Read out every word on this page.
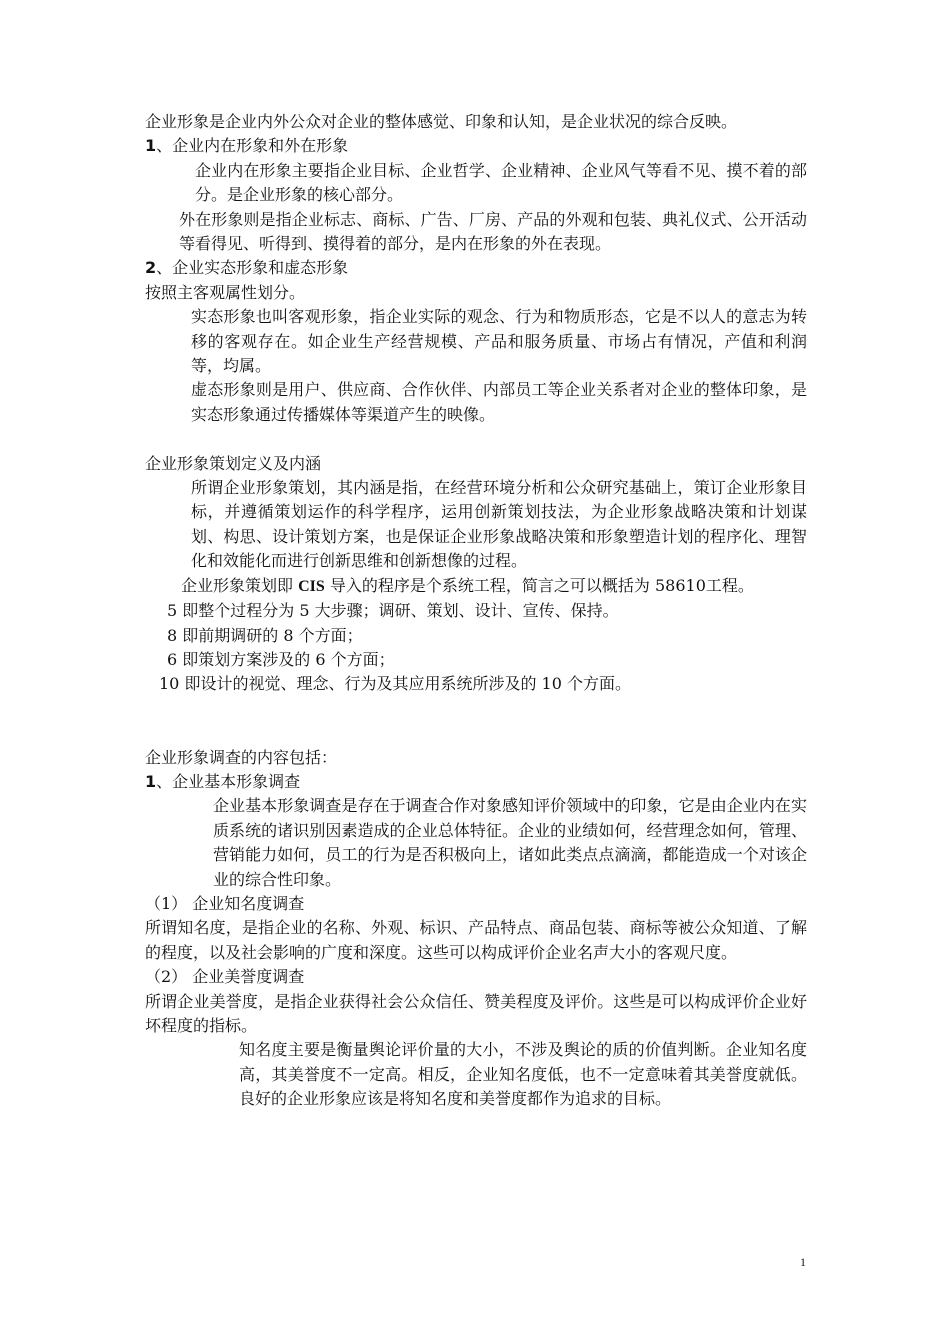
企业形象是企业内外公众对企业的整体感觉、印象和认知，是企业状况的综合反映。

1、企业内在形象和外在形象

企业内在形象主要指企业目标、企业哲学、企业精神、企业风气等看不见、摸不着的部分。是企业形象的核心部分。

外在形象则是指企业标志、商标、广告、厂房、产品的外观和包装、典礼仪式、公开活动等看得见、听得到、摸得着的部分，是内在形象的外在表现。

2、企业实态形象和虚态形象

按照主客观属性划分。

实态形象也叫客观形象，指企业实际的观念、行为和物质形态，它是不以人的意志为转移的客观存在。如企业生产经营规模、产品和服务质量、市场占有情况，产值和利润等，均属。

虚态形象则是用户、供应商、合作伙伴、内部员工等企业关系者对企业的整体印象，是实态形象通过传播媒体等渠道产生的映像。

企业形象策划定义及内涵

所谓企业形象策划，其内涵是指，在经营环境分析和公众研究基础上，策订企业形象目标，并遵循策划运作的科学程序，运用创新策划技法，为企业形象战略决策和计划谋划、构思、设计策划方案，也是保证企业形象战略决策和形象塑造计划的程序化、理智化和效能化而进行创新思维和创新想像的过程。

企业形象策划即 CIS 导入的程序是个系统工程，简言之可以概括为 58610工程。

5 即整个过程分为 5 大步骤；调研、策划、设计、宣传、保持。

8 即前期调研的 8 个方面；

6 即策划方案涉及的 6 个方面；

10 即设计的视觉、理念、行为及其应用系统所涉及的 10 个方面。

企业形象调查的内容包括：

1、企业基本形象调查

企业基本形象调查是存在于调查合作对象感知评价领域中的印象，它是由企业内在实质系统的诸识别因素造成的企业总体特征。企业的业绩如何，经营理念如何，管理、营销能力如何，员工的行为是否积极向上，诸如此类点点滴滴，都能造成一个对该企业的综合性印象。

（1） 企业知名度调查

所谓知名度，是指企业的名称、外观、标识、产品特点、商品包装、商标等被公众知道、了解的程度，以及社会影响的广度和深度。这些可以构成评价企业名声大小的客观尺度。

（2） 企业美誉度调查

所谓企业美誉度，是指企业获得社会公众信任、赞美程度及评价。这些是可以构成评价企业好坏程度的指标。

知名度主要是衡量舆论评价量的大小，不涉及舆论的质的价值判断。企业知名度高，其美誉度不一定高。相反，企业知名度低，也不一定意味着其美誉度就低。良好的企业形象应该是将知名度和美誉度都作为追求的目标。

1
